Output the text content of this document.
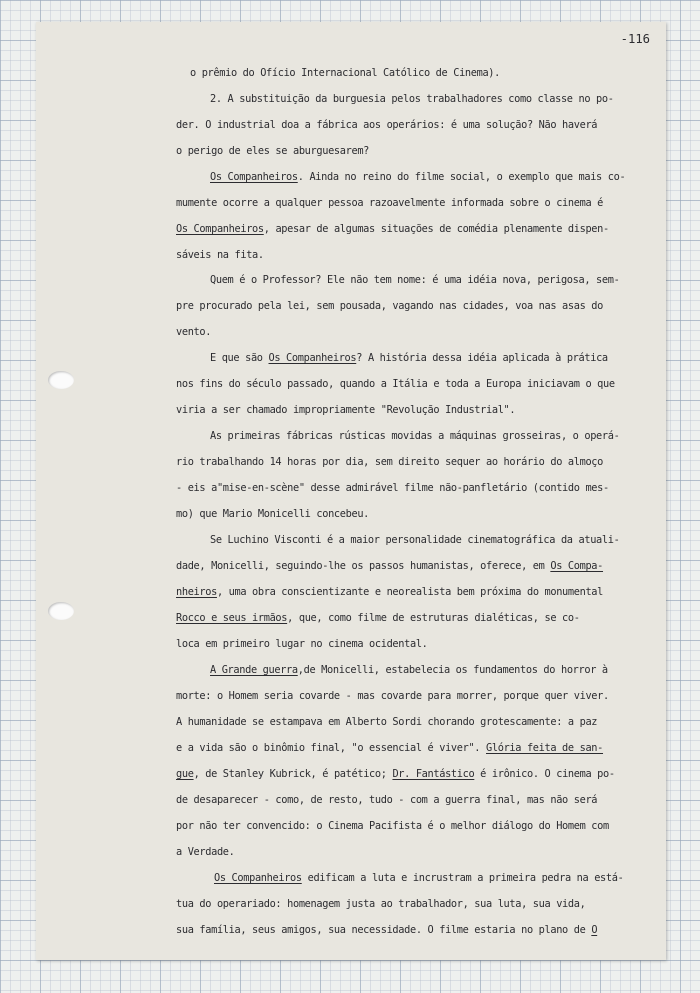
-116
o prêmio do Ofício Internacional Católico de Cinema).
2. A substituição da burguesia pelos trabalhadores como classe no po-
der. O industrial doa a fábrica aos operários: é uma solução? Não haverá
o perigo de eles se aburguesarem?
Os Companheiros. Ainda no reino do filme social, o exemplo que mais co-
mumente ocorre a qualquer pessoa razoavelmente informada sobre o cinema é
Os Companheiros, apesar de algumas situações de comédia plenamente dispen-
sáveis na fita.
Quem é o Professor? Ele não tem nome: é uma idéia nova, perigosa, sem-
pre procurado pela lei, sem pousada, vagando nas cidades, voa nas asas do
vento.
E que são Os Companheiros? A história dessa idéia aplicada à prática
nos fins do século passado, quando a Itália e toda a Europa iniciavam o que
viria a ser chamado impropriamente "Revolução Industrial".
As primeiras fábricas rústicas movidas a máquinas grosseiras, o operá-
rio trabalhando 14 horas por dia, sem direito sequer ao horário do almoço
- eis a"mise-en-scène" desse admirável filme não-panfletário (contido mes-
mo) que Mario Monicelli concebeu.
Se Luchino Visconti é a maior personalidade cinematográfica da atuali-
dade, Monicelli, seguindo-lhe os passos humanistas, oferece, em Os Compa-
nheiros, uma obra conscientizante e neorealista bem próxima do monumental
Rocco e seus irmãos, que, como filme de estruturas dialéticas, se co-
loca em primeiro lugar no cinema ocidental.
A Grande guerra,de Monicelli, estabelecia os fundamentos do horror à
morte: o Homem seria covarde - mas covarde para morrer, porque quer viver.
A humanidade se estampava em Alberto Sordi chorando grotescamente: a paz
e a vida são o binômio final, "o essencial é viver". Glória feita de san-
gue, de Stanley Kubrick, é patético; Dr. Fantástico é irônico. O cinema po-
de desaparecer - como, de resto, tudo - com a guerra final, mas não será
por não ter convencido: o Cinema Pacifista é o melhor diálogo do Homem com
a Verdade.
Os Companheiros edificam a luta e incrustram a primeira pedra na está-
tua do operariado: homenagem justa ao trabalhador, sua luta, sua vida,
sua família, seus amigos, sua necessidade. O filme estaria no plano de O
